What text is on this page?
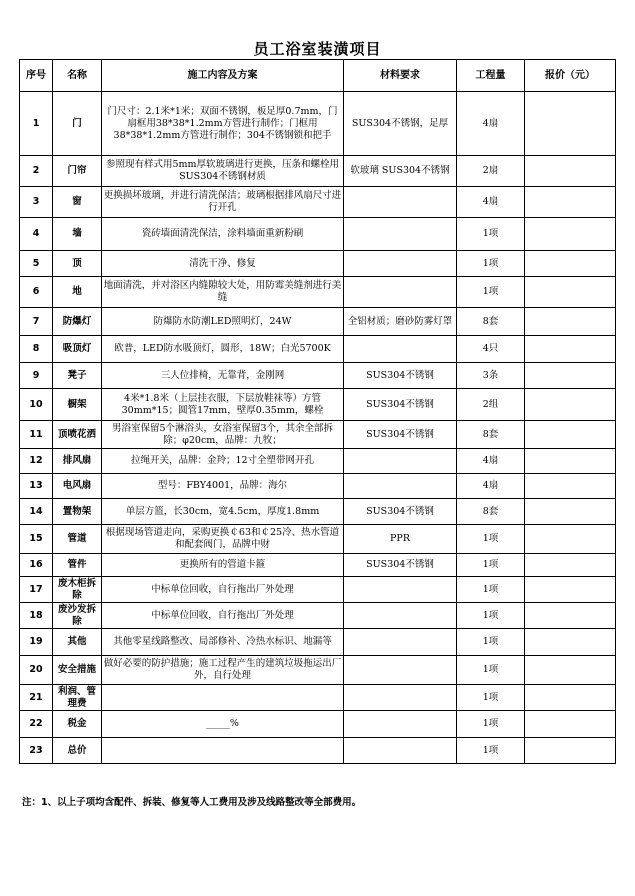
员工浴室装潢项目
序号	名称	施工内容及方案	材料要求	工程量	报价（元）
1	门	门尺寸：2.1米*1米；双面不锈钢，板足厚0.7mm，门扇框用38*38*1.2mm方管进行制作；门框用38*38*1.2mm方管进行制作；304不锈钢锁和把手	SUS304不锈钢，足厚	4扇	
2	门帘	参照现有样式用5mm厚软玻璃进行更换，压条和螺栓用SUS304不锈钢材质	软玻璃 SUS304不锈钢	2扇	
3	窗	更换损坏玻璃，并进行清洗保洁；玻璃根据排风扇尺寸进行开孔		4扇	
4	墙	瓷砖墙面清洗保洁，涂料墙面重新粉刷		1项	
5	顶	清洗干净、修复		1项	
6	地	地面清洗，并对浴区内缝隙较大处，用防霉美缝剂进行美缝		1项	
7	防爆灯	防爆防水防潮LED照明灯，24W	全铝材质；磨砂防雾灯罩	8套	
8	吸顶灯	欧普，LED防水吸顶灯，圆形，18W；白光5700K		4只	
9	凳子	三人位排椅，无靠背，金刚网	SUS304不锈钢	3条	
10	橱架	4米*1.8米（上层挂衣服，下层放鞋袜等）方管30mm*15；圆管17mm，壁厚0.35mm，螺栓	SUS304不锈钢	2组	
11	顶喷花洒	男浴室保留5个淋浴头，女浴室保留3个，其余全部拆除；φ20cm，品牌：九牧；	SUS304不锈钢	8套	
12	排风扇	拉绳开关，品牌：金羚；12寸全塑带网开孔		4扇	
13	电风扇	型号：FBY4001，品牌：海尔		4扇	
14	置物架	单层方篮，长30cm，宽4.5cm，厚度1.8mm	SUS304不锈钢	8套	
15	管道	根据现场管道走向，采购更换￠63和￠25冷、热水管道和配套阀门，品牌中财	PPR	1项	
16	管件	更换所有的管道卡箍	SUS304不锈钢	1项	
17	废木柜拆除	中标单位回收，自行拖出厂外处理		1项	
18	废沙发拆除	中标单位回收，自行拖出厂外处理		1项	
19	其他	其他零星线路整改、局部修补、冷热水标识、地漏等		1项	
20	安全措施	做好必要的防护措施；施工过程产生的建筑垃圾拖运出厂外，自行处理		1项	
21	利润、管理费			1项	
22	税金	_____%		1项	
23	总价			1项	
注：1、以上子项均含配件、拆装、修复等人工费用及涉及线路整改等全部费用。
